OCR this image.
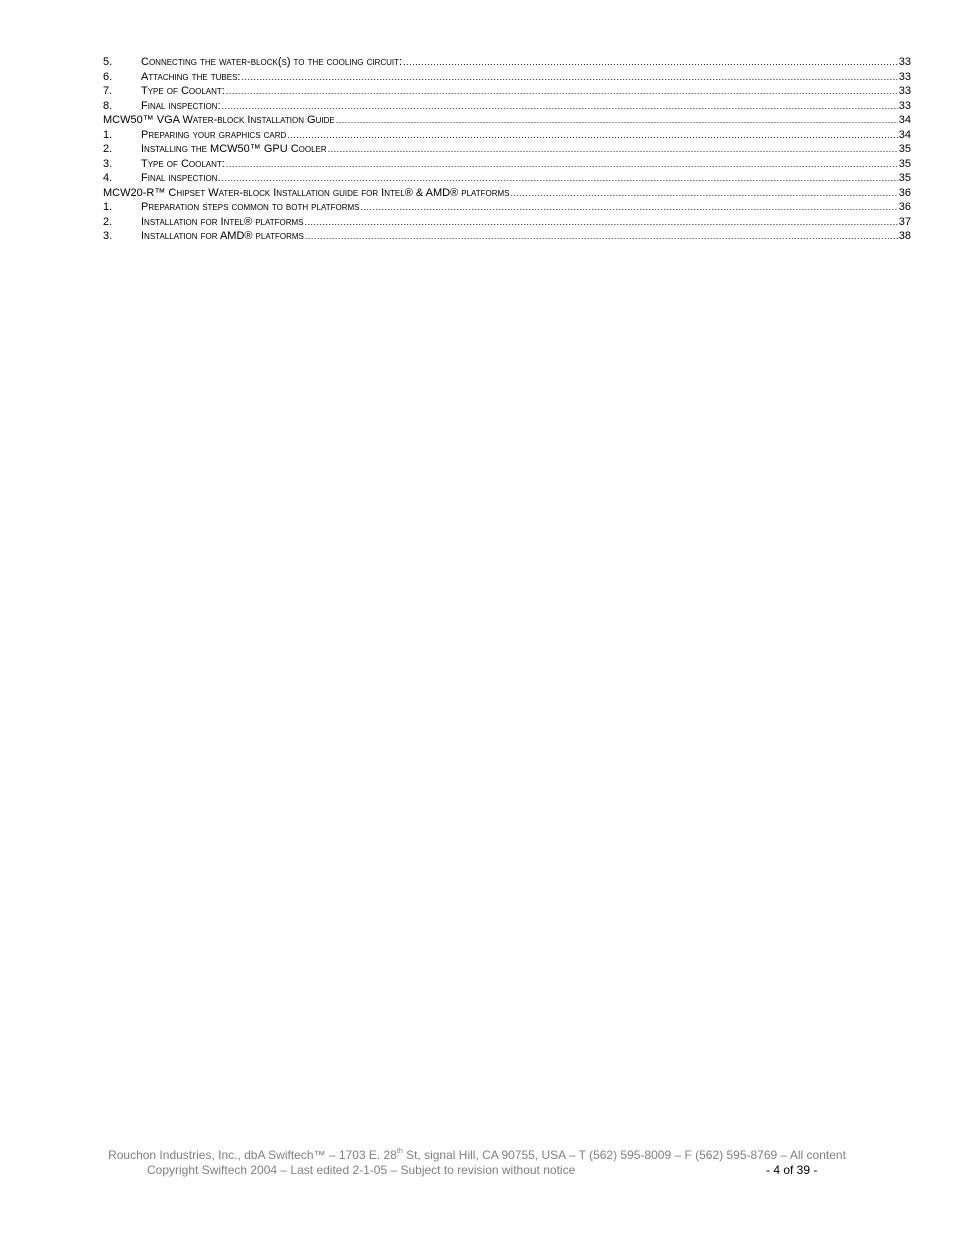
5.	Connecting the water-block(s) to the cooling circuit: .....	33
6.	Attaching the tubes: .....	33
7.	Type of Coolant: .....	33
8.	Final inspection: .....	33
MCW50™ VGA Water-block Installation Guide .....	34
1.	Preparing your graphics card .....	34
2.	Installing the MCW50™ GPU Cooler .....	35
3.	Type of Coolant: .....	35
4.	Final inspection. .....	35
MCW20-R™ Chipset Water-block Installation guide for Intel® & AMD® platforms .....	36
1.	Preparation steps common to both platforms .....	36
2.	Installation for Intel® platforms .....	37
3.	Installation for AMD® platforms .....	38
Rouchon Industries, Inc., dbA Swiftech™ – 1703 E. 28th St, signal Hill, CA 90755, USA – T (562) 595-8009 – F (562) 595-8769 – All content
Copyright Swiftech 2004 – Last edited 2-1-05 – Subject to revision without notice	- 4 of 39 -
